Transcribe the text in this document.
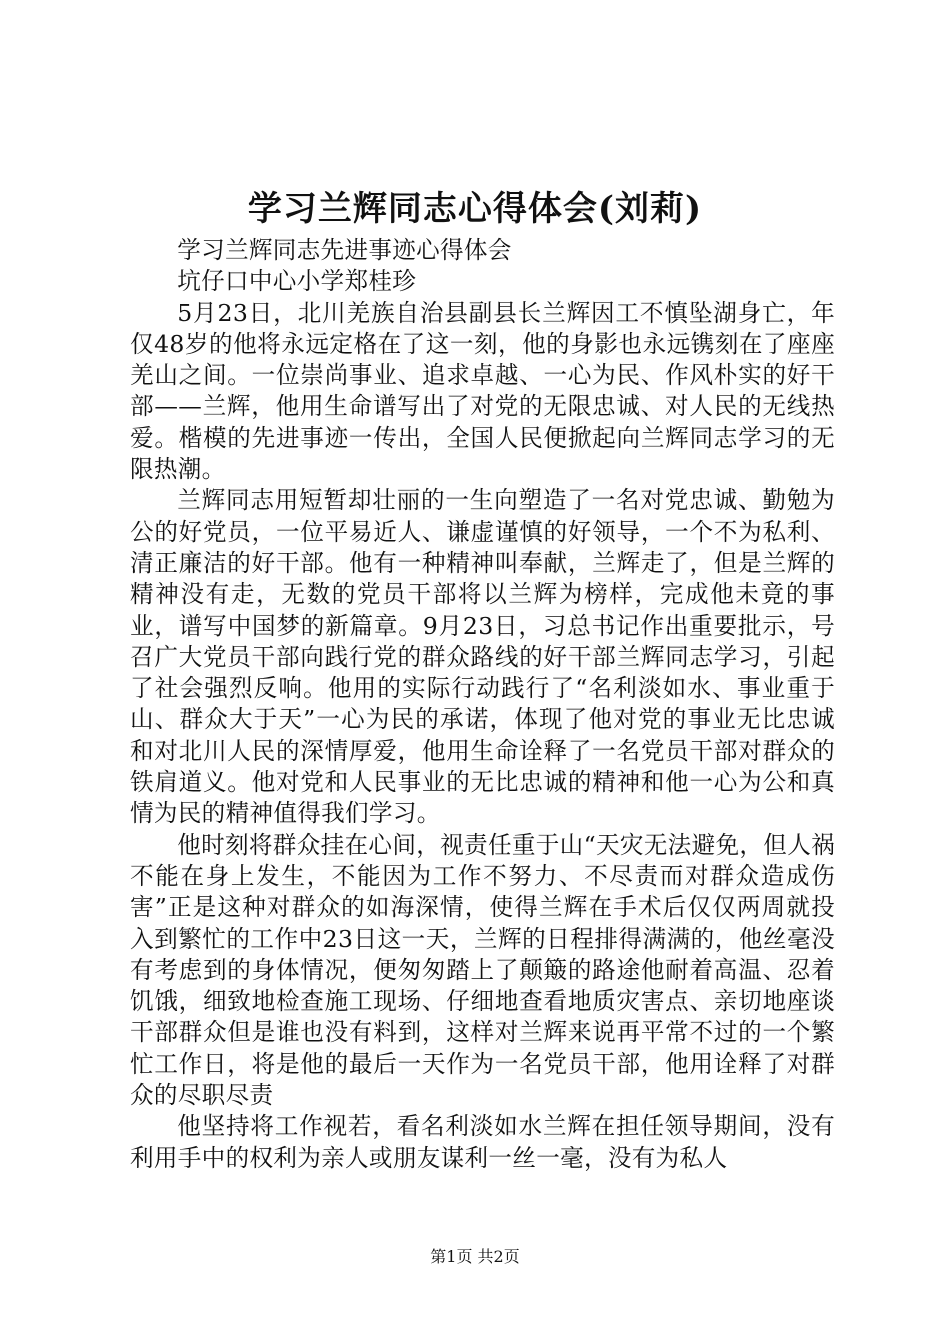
学习兰辉同志心得体会(刘莉)

学习兰辉同志先进事迹心得体会

坑仔口中心小学郑桂珍

5月23日，北川羌族自治县副县长兰辉因工不慎坠湖身亡，年仅48岁的他将永远定格在了这一刻，他的身影也永远镌刻在了座座羌山之间。一位崇尚事业、追求卓越、一心为民、作风朴实的好干部——兰辉，他用生命谱写出了对党的无限忠诚、对人民的无线热爱。楷模的先进事迹一传出，全国人民便掀起向兰辉同志学习的无限热潮。

兰辉同志用短暂却壮丽的一生向塑造了一名对党忠诚、勤勉为公的好党员，一位平易近人、谦虚谨慎的好领导，一个不为私利、清正廉洁的好干部。他有一种精神叫奉献，兰辉走了，但是兰辉的精神没有走，无数的党员干部将以兰辉为榜样，完成他未竟的事业，谱写中国梦的新篇章。9月23日，习总书记作出重要批示，号召广大党员干部向践行党的群众路线的好干部兰辉同志学习，引起了社会强烈反响。他用的实际行动践行了“名利淡如水、事业重于山、群众大于天”一心为民的承诺，体现了他对党的事业无比忠诚和对北川人民的深情厚爱，他用生命诠释了一名党员干部对群众的铁肩道义。他对党和人民事业的无比忠诚的精神和他一心为公和真情为民的精神值得我们学习。

他时刻将群众挂在心间，视责任重于山“天灾无法避免，但人祸不能在身上发生，不能因为工作不努力、不尽责而对群众造成伤害”正是这种对群众的如海深情，使得兰辉在手术后仅仅两周就投入到繁忙的工作中23日这一天，兰辉的日程排得满满的，他丝毫没有考虑到的身体情况，便匆匆踏上了颠簸的路途他耐着高温、忍着饥饿，细致地检查施工现场、仔细地查看地质灾害点、亲切地座谈干部群众但是谁也没有料到，这样对兰辉来说再平常不过的一个繁忙工作日，将是他的最后一天作为一名党员干部，他用诠释了对群众的尽职尽责

他坚持将工作视若，看名利淡如水兰辉在担任领导期间，没有利用手中的权利为亲人或朋友谋利一丝一毫，没有为私人

第1页 共2页
